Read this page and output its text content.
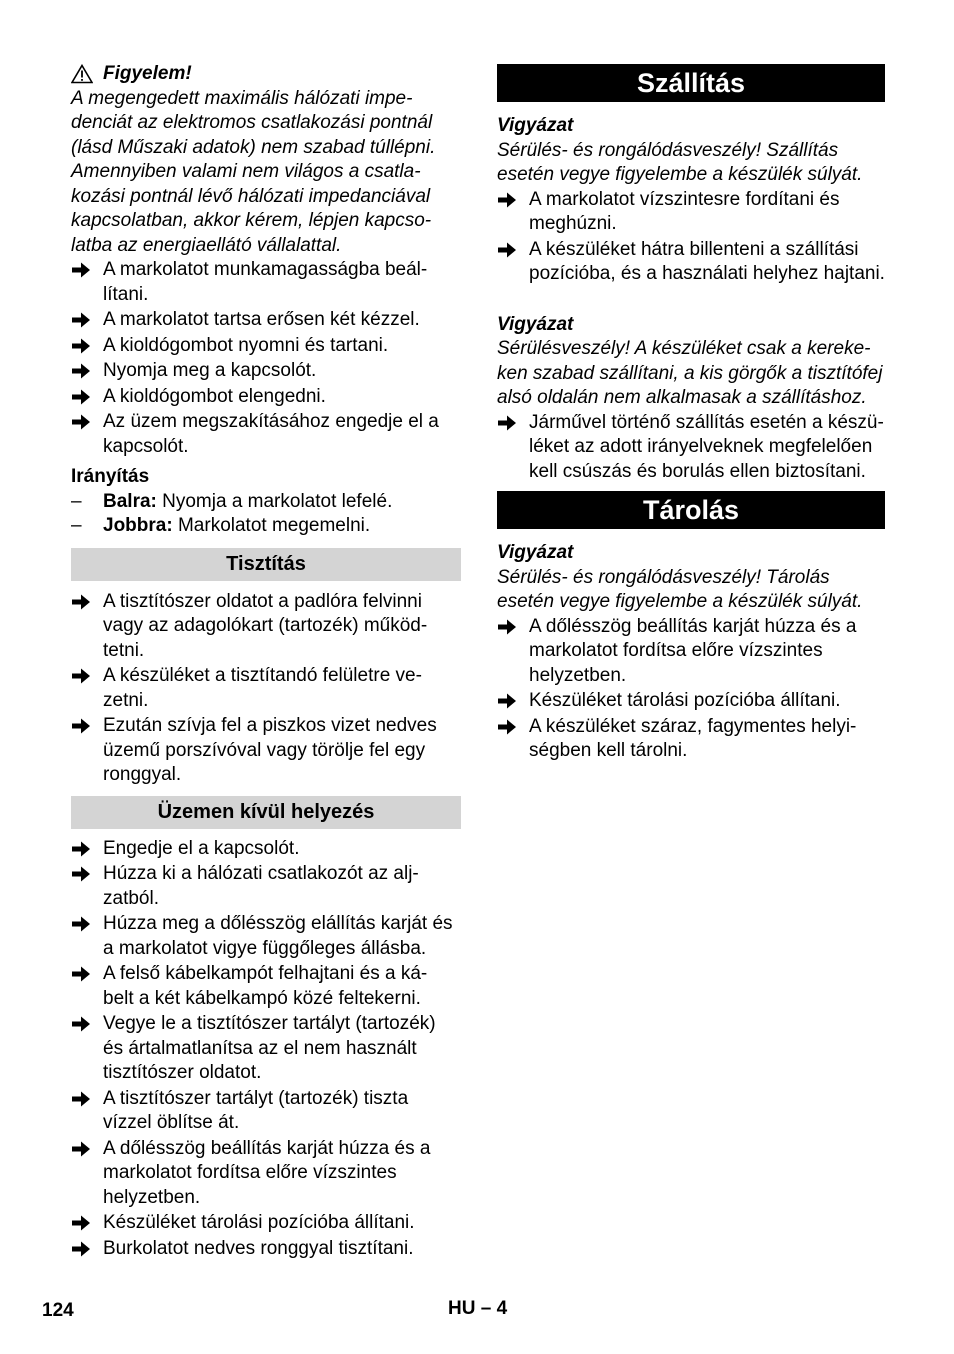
Figyelem!

A megengedett maximális hálózati impe-

denciát az elektromos csatlakozási pontnál

(lásd Műszaki adatok) nem szabad túllépni.

Amennyiben valami nem világos a csatla-

kozási pontnál lévő hálózati impedanciával

kapcsolatban, akkor kérem, lépjen kapcso-

latba az energiaellátó vállalattal.

A markolatot munkamagasságba beál-
lítani.
A markolatot tartsa erősen két kézzel.
A kioldógombot nyomni és tartani.
Nyomja meg a kapcsolót.
A kioldógombot elengedni.
Az üzem megszakításához engedje el a
kapcsolót.

Irányítás

– Balra: Nyomja a markolatot lefelé.
– Jobbra: Markolatot megemelni.
Tisztítás
A tisztítószer oldatot a padlóra felvinni
vagy az adagolókart (tartozék) működ-
tetni.
A készüléket a tisztítandó felületre ve-
zetni.
Ezután szívja fel a piszkos vizet nedves
üzemű porszívóval vagy törölje fel egy
ronggyal.
Üzemen kívül helyezés
Engedje el a kapcsolót.
Húzza ki a hálózati csatlakozót az alj-
zatból.
Húzza meg a dőlésszög elállítás karját és
a markolatot vigye függőleges állásba.
A felső kábelkampót felhajtani és a ká-
belt a két kábelkampó közé feltekerni.
Vegye le a tisztítószer tartályt (tartozék)
és ártalmatlanítsa az el nem használt
tisztítószer oldatot.
A tisztítószer tartályt (tartozék) tiszta
vízzel öblítse át.
A dőlésszög beállítás karját húzza és a
markolatot fordítsa előre vízszintes
helyzetben.
Készüléket tárolási pozícióba állítani.
Burkolatot nedves ronggyal tisztítani.
Szállítás

Vigyázat

Sérülés- és rongálódásveszély! Szállítás

esetén vegye figyelembe a készülék súlyát.

A markolatot vízszintesre fordítani és
meghúzni.
A készüléket hátra billenteni a szállítási
pozícióba, és a használati helyhez hajtani.

Vigyázat

Sérülésveszély! A készüléket csak a kereke-

ken szabad szállítani, a kis görgők a tisztítófej

alsó oldalán nem alkalmasak a szállításhoz.

Járművel történő szállítás esetén a készü-
léket az adott irányelveknek megfelelően
kell csúszás és borulás ellen biztosítani.
Tárolás

Vigyázat

Sérülés- és rongálódásveszély! Tárolás

esetén vegye figyelembe a készülék súlyát.

A dőlésszög beállítás karját húzza és a
markolatot fordítsa előre vízszintes
helyzetben.
Készüléket tárolási pozícióba állítani.
A készüléket száraz, fagymentes helyi-
ségben kell tárolni.
124	HU – 4
